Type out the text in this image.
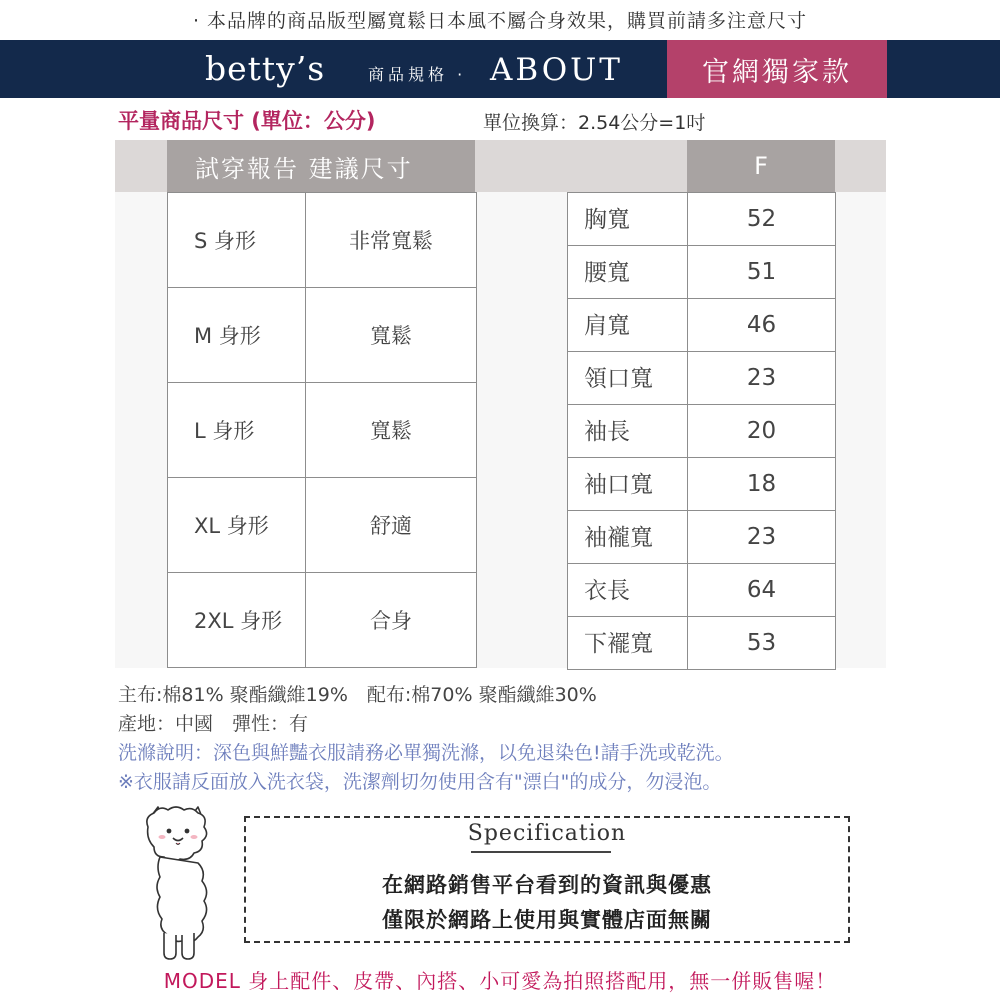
· 本品牌的商品版型屬寬鬆日本風不屬合身效果，購買前請多注意尺寸
betty’s	商品規格 · ABOUT	官網獨家款
平量商品尺寸 (單位：公分)	單位換算：2.54公分=1吋
試穿報告 建議尺寸	F
S 身形	非常寬鬆
M 身形	寬鬆
L 身形	寬鬆
XL 身形	舒適
2XL 身形	合身
胸寬	52
腰寬	51
肩寬	46
領口寬	23
袖長	20
袖口寬	18
袖襱寬	23
衣長	64
下襬寬	53
主布:棉81% 聚酯纖維19%　配布:棉70% 聚酯纖維30%
產地：中國　彈性：有
洗滌說明：深色與鮮豔衣服請務必單獨洗滌，以免退染色!請手洗或乾洗。
※衣服請反面放入洗衣袋，洗潔劑切勿使用含有"漂白"的成分，勿浸泡。
Specification
在網路銷售平台看到的資訊與優惠
僅限於網路上使用與實體店面無關
MODEL 身上配件、皮帶、內搭、小可愛為拍照搭配用，無一併販售喔！
